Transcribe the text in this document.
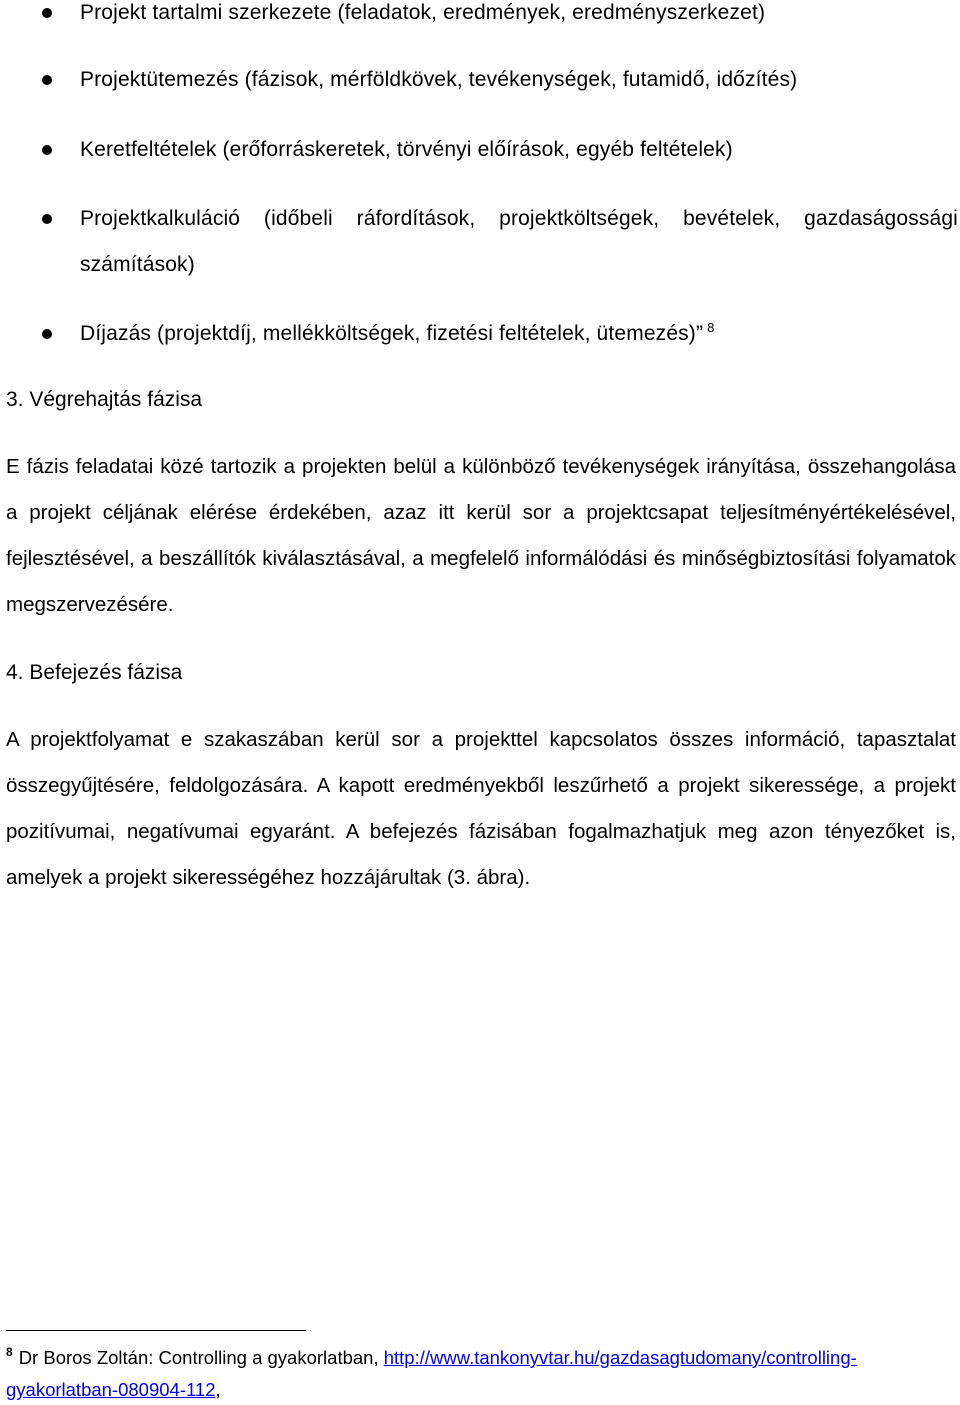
Projekt tartalmi szerkezete (feladatok, eredmények, eredményszerkezet)
Projektütemezés (fázisok, mérföldkövek, tevékenységek, futamidő, időzítés)
Keretfeltételek (erőforráskeretek, törvényi előírások, egyéb feltételek)
Projektkalkuláció (időbeli ráfordítások, projektköltségek, bevételek, gazdaságossági számítások)
Díjazás (projektdíj, mellékköltségek, fizetési feltételek, ütemezés)” $^8$
3. Végrehajtás fázisa

E fázis feladatai közé tartozik a projekten belül a különböző tevékenységek irányítása, összehangolása a projekt céljának elérése érdekében, azaz itt kerül sor a projektcsapat teljesítményértékelésével, fejlesztésével, a beszállítók kiválasztásával, a megfelelő informálódási és minőségbiztosítási folyamatok megszervezésére.

4. Befejezés fázisa

A projektfolyamat e szakaszában kerül sor a projekttel kapcsolatos összes információ, tapasztalat összegyűjtésére, feldolgozására. A kapott eredményekből leszűrhető a projekt sikeressége, a projekt pozitívumai, negatívumai egyaránt. A befejezés fázisában fogalmazhatjuk meg azon tényezőket is, amelyek a projekt sikerességéhez hozzájárultak (3. ábra).

$^8$ Dr Boros Zoltán: Controlling a gyakorlatban, http://www.tankonyvtar.hu/gazdasagtudomany/controlling-gyakorlatban-080904-112,
